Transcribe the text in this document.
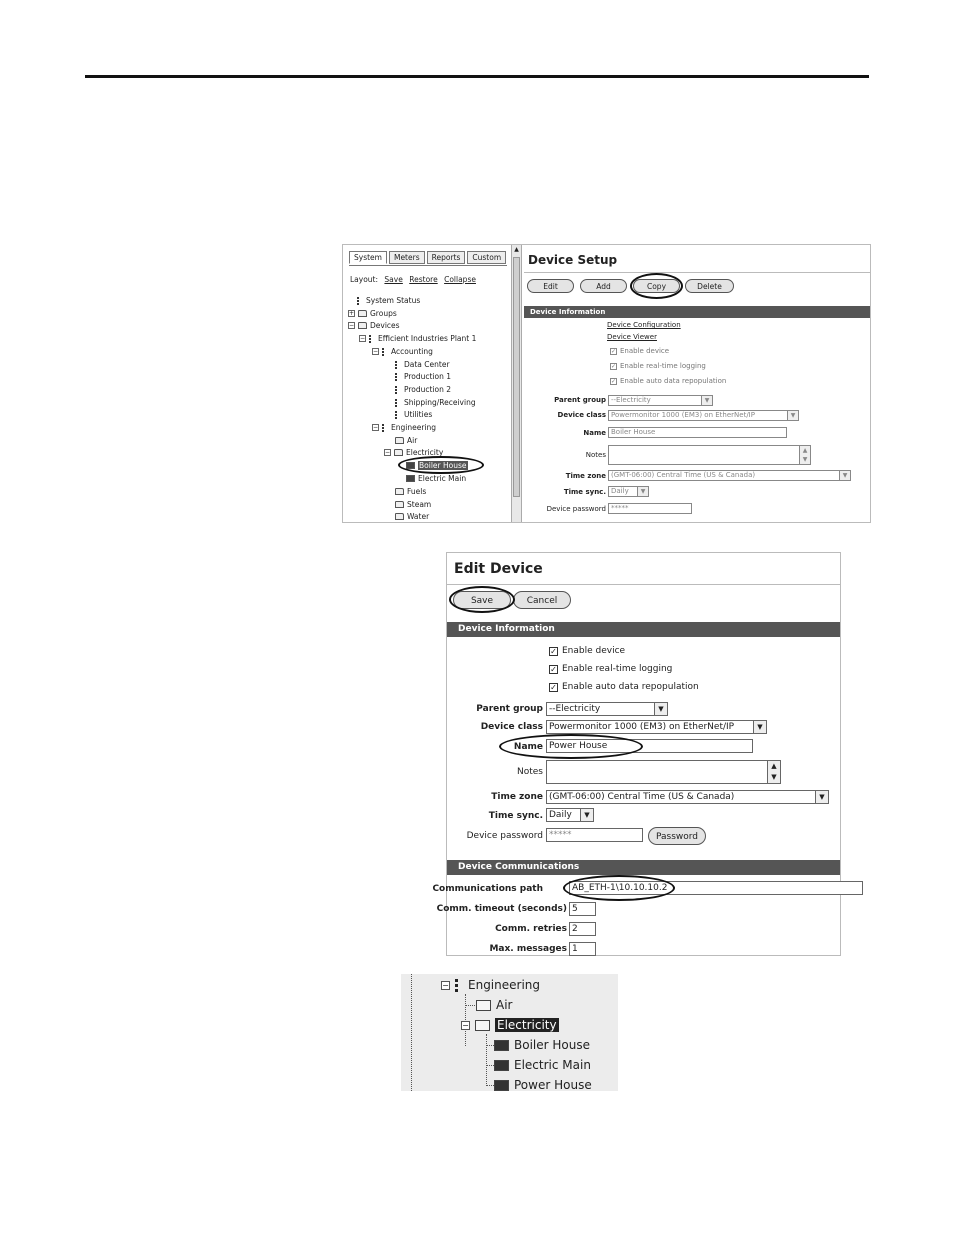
System	Meters	Reports	Custom
Layout: Save Restore Collapse
System Status
+ Groups
− Devices
− Efficient Industries Plant 1
− Accounting
Data Center
Production 1
Production 2
Shipping/Receiving
Utilities
− Engineering
Air
− Electricity
Boiler House
Electric Main
Fuels
Steam
Water
▲
Device Setup
Edit	Add	Copy	Delete
Device Information
Device Configuration
Device Viewer
✓ Enable device
✓ Enable real-time logging
✓ Enable auto data repopulation
Parent group --Electricity	▼
Device class Powermonitor 1000 (EM3) on EtherNet/IP	▼
Name Boiler House
Notes
▲
▼
Time zone (GMT-06:00) Central Time (US & Canada)	▼
Time sync. Daily	▼
Device password *****
Edit Device
Save	Cancel
Device Information
✓ Enable device
✓ Enable real-time logging
✓ Enable auto data repopulation
Parent group --Electricity	▼
Device class Powermonitor 1000 (EM3) on EtherNet/IP	▼
Name Power House
Notes
▲
▼
Time zone (GMT-06:00) Central Time (US & Canada)	▼
Time sync. Daily	▼
Device password *****	Password
Device Communications
Communications path	AB_ETH-1\10.10.10.2
Comm. timeout (seconds) 5
Comm. retries 2
Max. messages 1
− Engineering
Air
− Electricity
Boiler House
Electric Main
Power House
